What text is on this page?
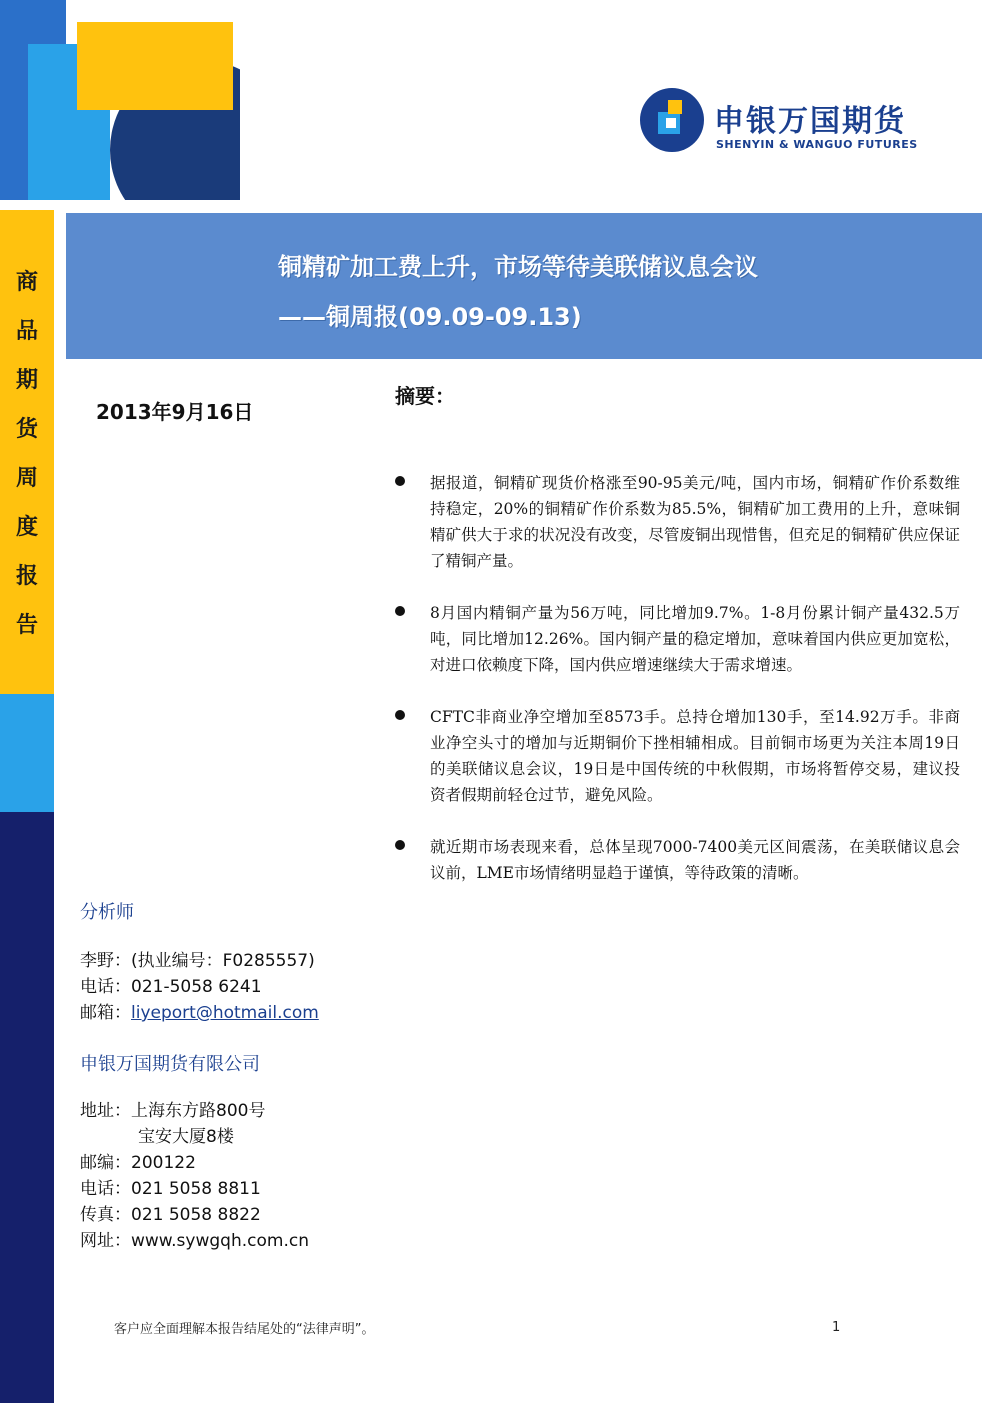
申银万国期货
SHENYIN & WANGUO FUTURES
商
品
期
货
周
度
报
告
铜精矿加工费上升，市场等待美联储议息会议
——铜周报(09.09-09.13)
2013年9月16日
摘要：
据报道，铜精矿现货价格涨至90-95美元/吨，国内市场，铜精矿作价系数维持稳定，20%的铜精矿作价系数为85.5%，铜精矿加工费用的上升，意味铜精矿供大于求的状况没有改变，尽管废铜出现惜售，但充足的铜精矿供应保证了精铜产量。
8月国内精铜产量为56万吨，同比增加9.7%。1-8月份累计铜产量432.5万吨，同比增加12.26%。国内铜产量的稳定增加，意味着国内供应更加宽松，对进口依赖度下降，国内供应增速继续大于需求增速。
CFTC非商业净空增加至8573手。总持仓增加130手，至14.92万手。非商业净空头寸的增加与近期铜价下挫相辅相成。目前铜市场更为关注本周19日的美联储议息会议，19日是中国传统的中秋假期，市场将暂停交易，建议投资者假期前轻仓过节，避免风险。
就近期市场表现来看，总体呈现7000-7400美元区间震荡，在美联储议息会议前，LME市场情绪明显趋于谨慎，等待政策的清晰。
分析师
李野：(执业编号：F0285557)
电话：021-5058 6241
邮箱：liyeport@hotmail.com
申银万国期货有限公司
地址：上海东方路800号
宝安大厦8楼
邮编：200122
电话：021 5058 8811
传真：021 5058 8822
网址：www.sywgqh.com.cn
客户应全面理解本报告结尾处的“法律声明”。	1
